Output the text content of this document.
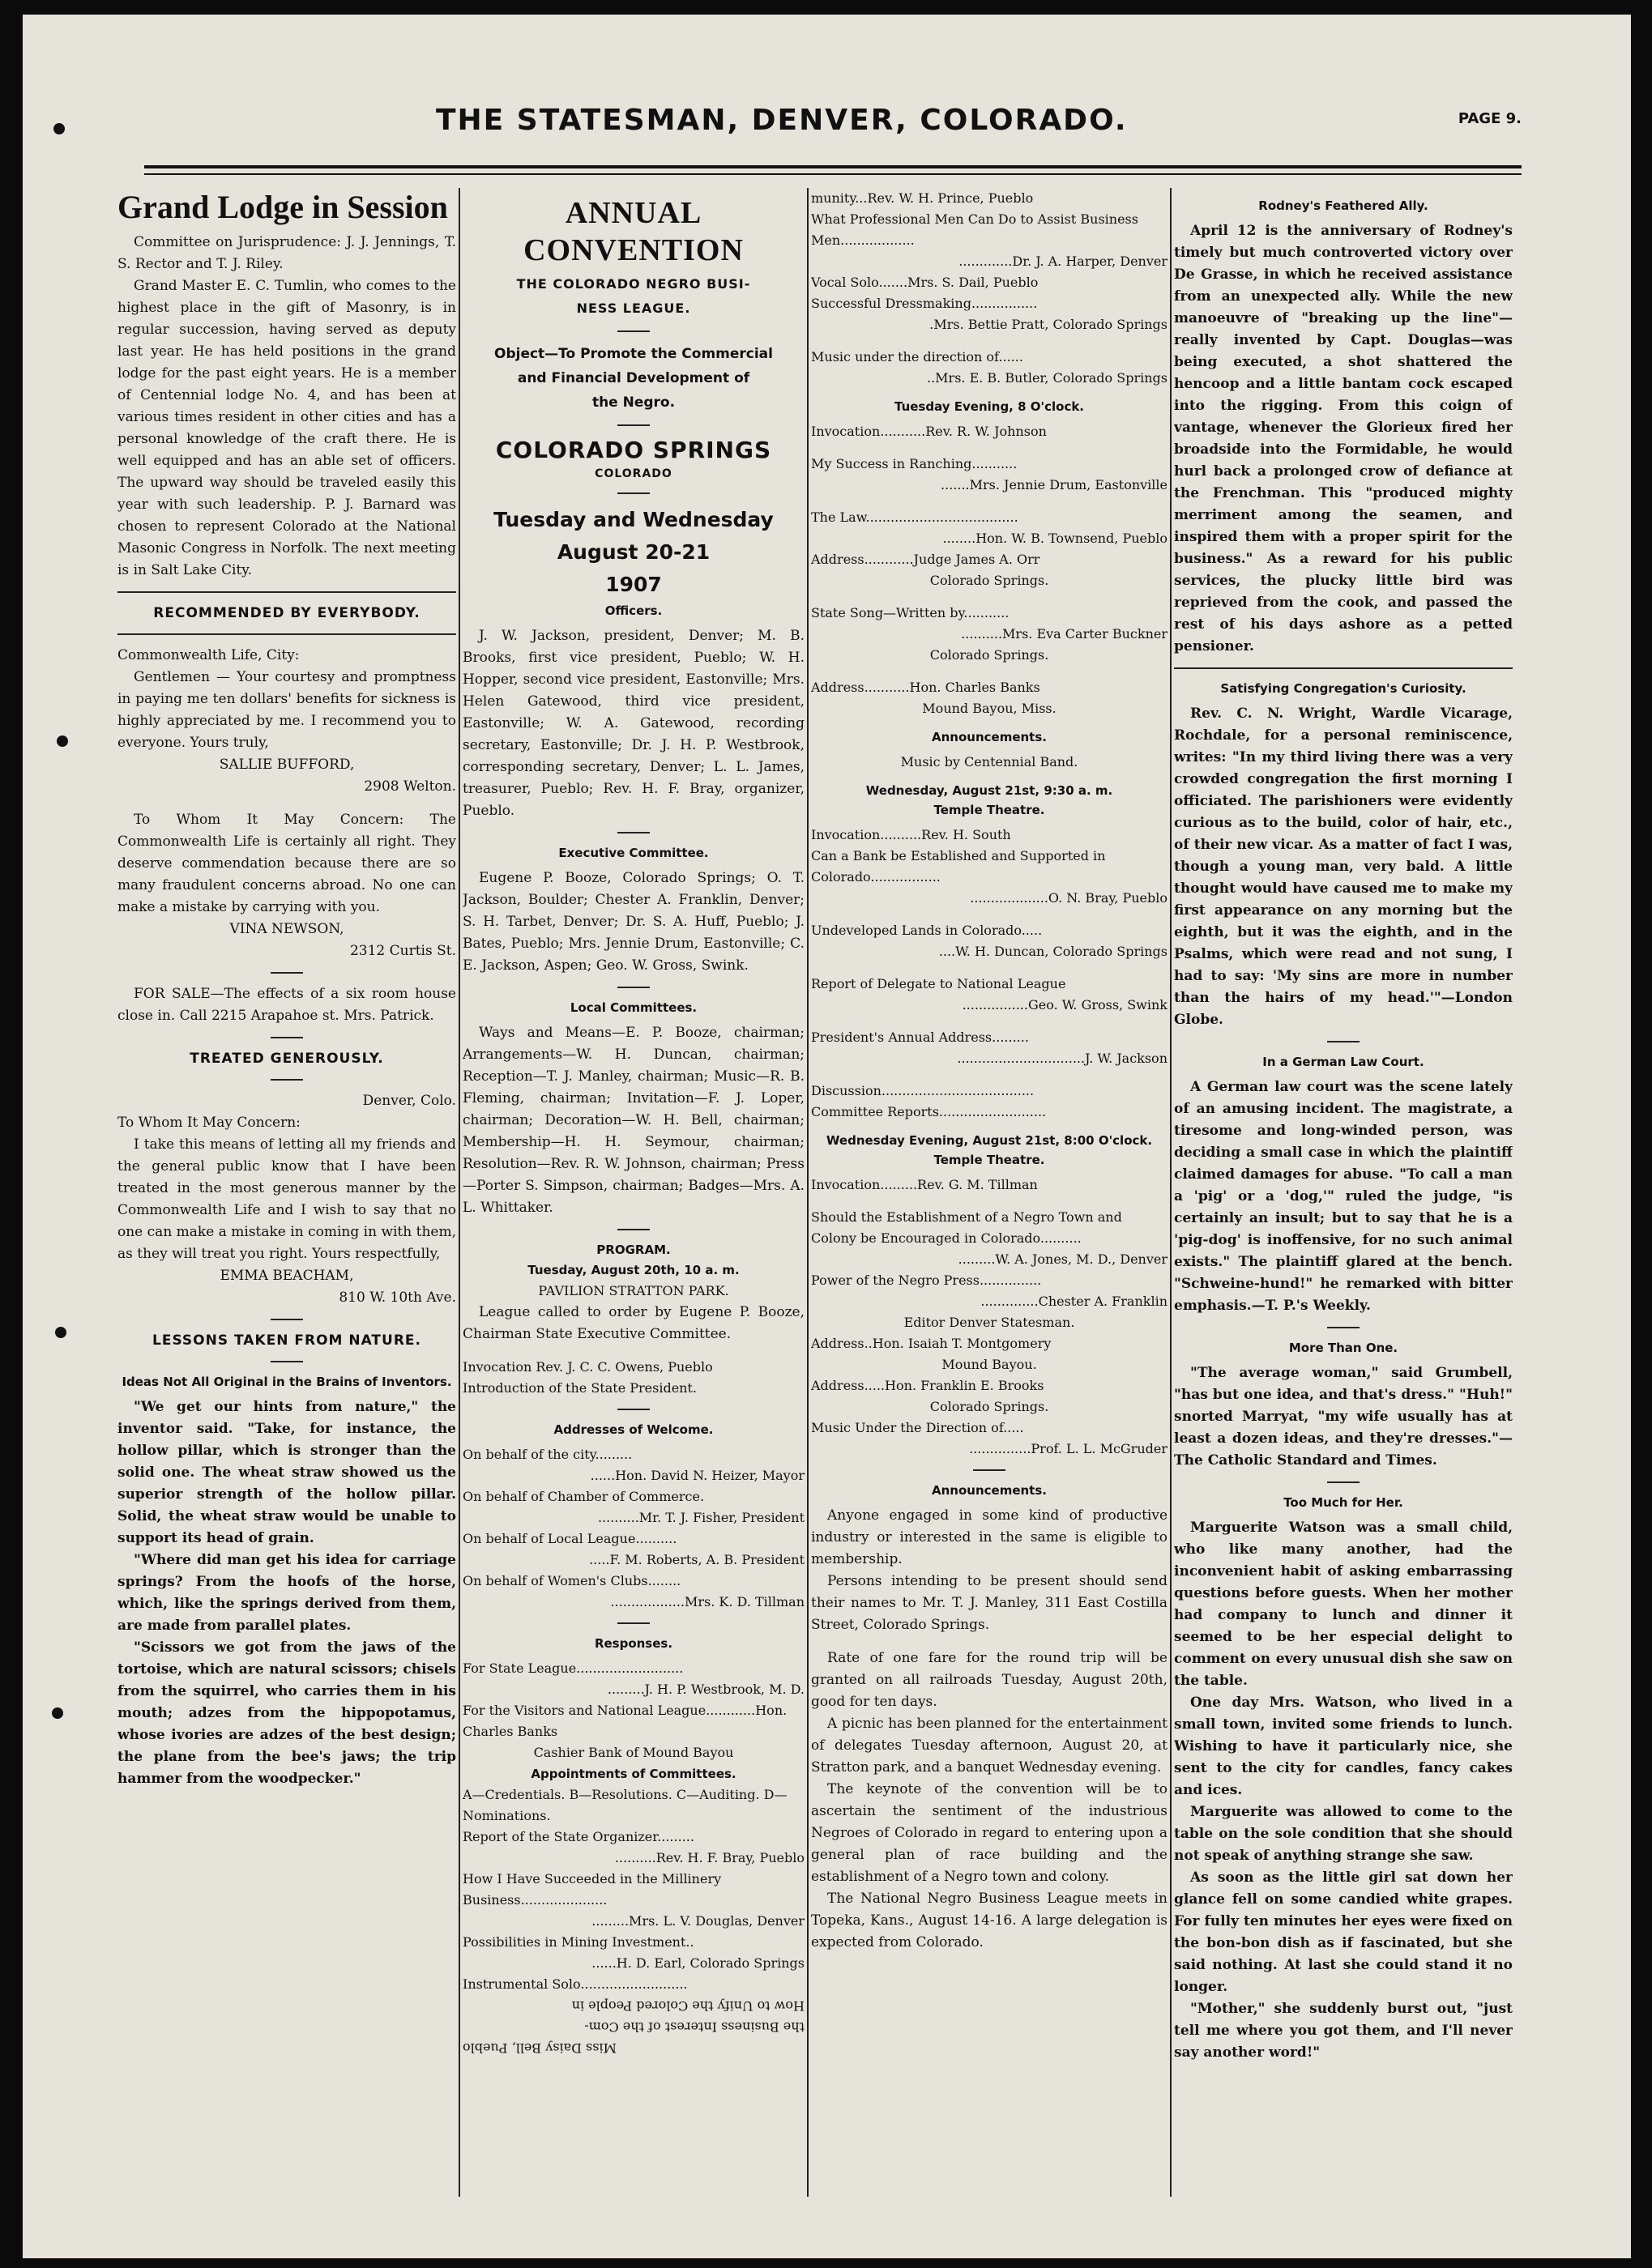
THE STATESMAN, DENVER, COLORADO.	PAGE 9.
Grand Lodge in Session

Committee on Jurisprudence: J. J. Jennings, T. S. Rector and T. J. Riley.

Grand Master E. C. Tumlin, who comes to the highest place in the gift of Masonry, is in regular succession, having served as deputy last year. He has held positions in the grand lodge for the past eight years. He is a member of Centennial lodge No. 4, and has been at various times resident in other cities and has a personal knowledge of the craft there. He is well equipped and has an able set of officers. The upward way should be traveled easily this year with such leadership. P. J. Barnard was chosen to represent Colorado at the National Masonic Congress in Norfolk. The next meeting is in Salt Lake City.

RECOMMENDED BY EVERYBODY.

Commonwealth Life, City:

Gentlemen — Your courtesy and promptness in paying me ten dollars' benefits for sickness is highly appreciated by me. I recommend you to everyone. Yours truly,

SALLIE BUFFORD,

2908 Welton.

To Whom It May Concern: The Commonwealth Life is certainly all right. They deserve commendation because there are so many fraudulent concerns abroad. No one can make a mistake by carrying with you.

VINA NEWSON,

2312 Curtis St.

FOR SALE—The effects of a six room house close in. Call 2215 Arapahoe st. Mrs. Patrick.

TREATED GENEROUSLY.

Denver, Colo.

To Whom It May Concern:

I take this means of letting all my friends and the general public know that I have been treated in the most generous manner by the Commonwealth Life and I wish to say that no one can make a mistake in coming in with them, as they will treat you right. Yours respectfully,

EMMA BEACHAM,

810 W. 10th Ave.

LESSONS TAKEN FROM NATURE.

Ideas Not All Original in the Brains of Inventors.

"We get our hints from nature," the inventor said. "Take, for instance, the hollow pillar, which is stronger than the solid one. The wheat straw showed us the superior strength of the hollow pillar. Solid, the wheat straw would be unable to support its head of grain.

"Where did man get his idea for carriage springs? From the hoofs of the horse, which, like the springs derived from them, are made from parallel plates.

"Scissors we got from the jaws of the tortoise, which are natural scissors; chisels from the squirrel, who carries them in his mouth; adzes from the hippopotamus, whose ivories are adzes of the best design; the plane from the bee's jaws; the trip hammer from the woodpecker."

ANNUAL CONVENTION

THE COLORADO NEGRO BUSI-

NESS LEAGUE.

Object—To Promote the Commercial

and Financial Development of

the Negro.

COLORADO SPRINGS

COLORADO

Tuesday and Wednesday

August 20-21

1907

Officers.

J. W. Jackson, president, Denver; M. B. Brooks, first vice president, Pueblo; W. H. Hopper, second vice president, Eastonville; Mrs. Helen Gatewood, third vice president, Eastonville; W. A. Gatewood, recording secretary, Eastonville; Dr. J. H. P. Westbrook, corresponding secretary, Denver; L. L. James, treasurer, Pueblo; Rev. H. F. Bray, organizer, Pueblo.

Executive Committee.

Eugene P. Booze, Colorado Springs; O. T. Jackson, Boulder; Chester A. Franklin, Denver; S. H. Tarbet, Denver; Dr. S. A. Huff, Pueblo; J. Bates, Pueblo; Mrs. Jennie Drum, Eastonville; C. E. Jackson, Aspen; Geo. W. Gross, Swink.

Local Committees.

Ways and Means—E. P. Booze, chairman; Arrangements—W. H. Duncan, chairman; Reception—T. J. Manley, chairman; Music—R. B. Fleming, chairman; Invitation—F. J. Loper, chairman; Decoration—W. H. Bell, chairman; Membership—H. H. Seymour, chairman; Resolution—Rev. R. W. Johnson, chairman; Press—Porter S. Simpson, chairman; Badges—Mrs. A. L. Whittaker.

PROGRAM.

Tuesday, August 20th, 10 a. m.

PAVILION STRATTON PARK.

League called to order by Eugene P. Booze, Chairman State Executive Committee.

Invocation Rev. J. C. C. Owens, Pueblo

Introduction of the State President.

Addresses of Welcome.

On behalf of the city.........

......Hon. David N. Heizer, Mayor

On behalf of Chamber of Commerce.

..........Mr. T. J. Fisher, President

On behalf of Local League..........

.....F. M. Roberts, A. B. President

On behalf of Women's Clubs........

..................Mrs. K. D. Tillman

Responses.

For State League..........................

.........J. H. P. Westbrook, M. D.

For the Visitors and National League............Hon. Charles Banks

Cashier Bank of Mound Bayou

Appointments of Committees.

A—Credentials. B—Resolutions. C—Auditing. D—Nominations.

Report of the State Organizer.........

..........Rev. H. F. Bray, Pueblo

How I Have Succeeded in the Millinery Business.....................

.........Mrs. L. V. Douglas, Denver

Possibilities in Mining Investment..

......H. D. Earl, Colorado Springs

Instrumental Solo..........................

Miss Daisy Bell, Pueblo

the Business Interest of the Com-

How to Unify the Colored People in

munity...Rev. W. H. Prince, Pueblo

What Professional Men Can Do to Assist Business Men..................

.............Dr. J. A. Harper, Denver

Vocal Solo.......Mrs. S. Dail, Pueblo

Successful Dressmaking................

.Mrs. Bettie Pratt, Colorado Springs

Music under the direction of......

..Mrs. E. B. Butler, Colorado Springs

Tuesday Evening, 8 O'clock.

Invocation...........Rev. R. W. Johnson

My Success in Ranching...........

.......Mrs. Jennie Drum, Eastonville

The Law.....................................

........Hon. W. B. Townsend, Pueblo

Address............Judge James A. Orr

Colorado Springs.

State Song—Written by...........

..........Mrs. Eva Carter Buckner

Colorado Springs.

Address...........Hon. Charles Banks

Mound Bayou, Miss.

Announcements.

Music by Centennial Band.

Wednesday, August 21st, 9:30 a. m.

Temple Theatre.

Invocation..........Rev. H. South

Can a Bank be Established and Supported in Colorado.................

...................O. N. Bray, Pueblo

Undeveloped Lands in Colorado.....

....W. H. Duncan, Colorado Springs

Report of Delegate to National League

................Geo. W. Gross, Swink

President's Annual Address.........

...............................J. W. Jackson

Discussion.....................................

Committee Reports..........................

Wednesday Evening, August 21st, 8:00 O'clock. Temple Theatre.

Invocation.........Rev. G. M. Tillman

Should the Establishment of a Negro Town and Colony be Encouraged in Colorado..........

.........W. A. Jones, M. D., Denver

Power of the Negro Press...............

..............Chester A. Franklin

Editor Denver Statesman.

Address..Hon. Isaiah T. Montgomery

Mound Bayou.

Address.....Hon. Franklin E. Brooks

Colorado Springs.

Music Under the Direction of.....

...............Prof. L. L. McGruder

Announcements.

Anyone engaged in some kind of productive industry or interested in the same is eligible to membership.

Persons intending to be present should send their names to Mr. T. J. Manley, 311 East Costilla Street, Colorado Springs.

Rate of one fare for the round trip will be granted on all railroads Tuesday, August 20th, good for ten days.

A picnic has been planned for the entertainment of delegates Tuesday afternoon, August 20, at Stratton park, and a banquet Wednesday evening.

The keynote of the convention will be to ascertain the sentiment of the industrious Negroes of Colorado in regard to entering upon a general plan of race building and the establishment of a Negro town and colony.

The National Negro Business League meets in Topeka, Kans., August 14-16. A large delegation is expected from Colorado.

Rodney's Feathered Ally.

April 12 is the anniversary of Rodney's timely but much controverted victory over De Grasse, in which he received assistance from an unexpected ally. While the new manoeuvre of "breaking up the line"—really invented by Capt. Douglas—was being executed, a shot shattered the hencoop and a little bantam cock escaped into the rigging. From this coign of vantage, whenever the Glorieux fired her broadside into the Formidable, he would hurl back a prolonged crow of defiance at the Frenchman. This "produced mighty merriment among the seamen, and inspired them with a proper spirit for the business." As a reward for his public services, the plucky little bird was reprieved from the cook, and passed the rest of his days ashore as a petted pensioner.

Satisfying Congregation's Curiosity.

Rev. C. N. Wright, Wardle Vicarage, Rochdale, for a personal reminiscence, writes: "In my third living there was a very crowded congregation the first morning I officiated. The parishioners were evidently curious as to the build, color of hair, etc., of their new vicar. As a matter of fact I was, though a young man, very bald. A little thought would have caused me to make my first appearance on any morning but the eighth, but it was the eighth, and in the Psalms, which were read and not sung, I had to say: 'My sins are more in number than the hairs of my head.'"—London Globe.

In a German Law Court.

A German law court was the scene lately of an amusing incident. The magistrate, a tiresome and long-winded person, was deciding a small case in which the plaintiff claimed damages for abuse. "To call a man a 'pig' or a 'dog,'" ruled the judge, "is certainly an insult; but to say that he is a 'pig-dog' is inoffensive, for no such animal exists." The plaintiff glared at the bench. "Schweine-hund!" he remarked with bitter emphasis.—T. P.'s Weekly.

More Than One.

"The average woman," said Grumbell, "has but one idea, and that's dress." "Huh!" snorted Marryat, "my wife usually has at least a dozen ideas, and they're dresses."—The Catholic Standard and Times.

Too Much for Her.

Marguerite Watson was a small child, who like many another, had the inconvenient habit of asking embarrassing questions before guests. When her mother had company to lunch and dinner it seemed to be her especial delight to comment on every unusual dish she saw on the table.

One day Mrs. Watson, who lived in a small town, invited some friends to lunch. Wishing to have it particularly nice, she sent to the city for candles, fancy cakes and ices.

Marguerite was allowed to come to the table on the sole condition that she should not speak of anything strange she saw.

As soon as the little girl sat down her glance fell on some candied white grapes. For fully ten minutes her eyes were fixed on the bon-bon dish as if fascinated, but she said nothing. At last she could stand it no longer.

"Mother," she suddenly burst out, "just tell me where you got them, and I'll never say another word!"
